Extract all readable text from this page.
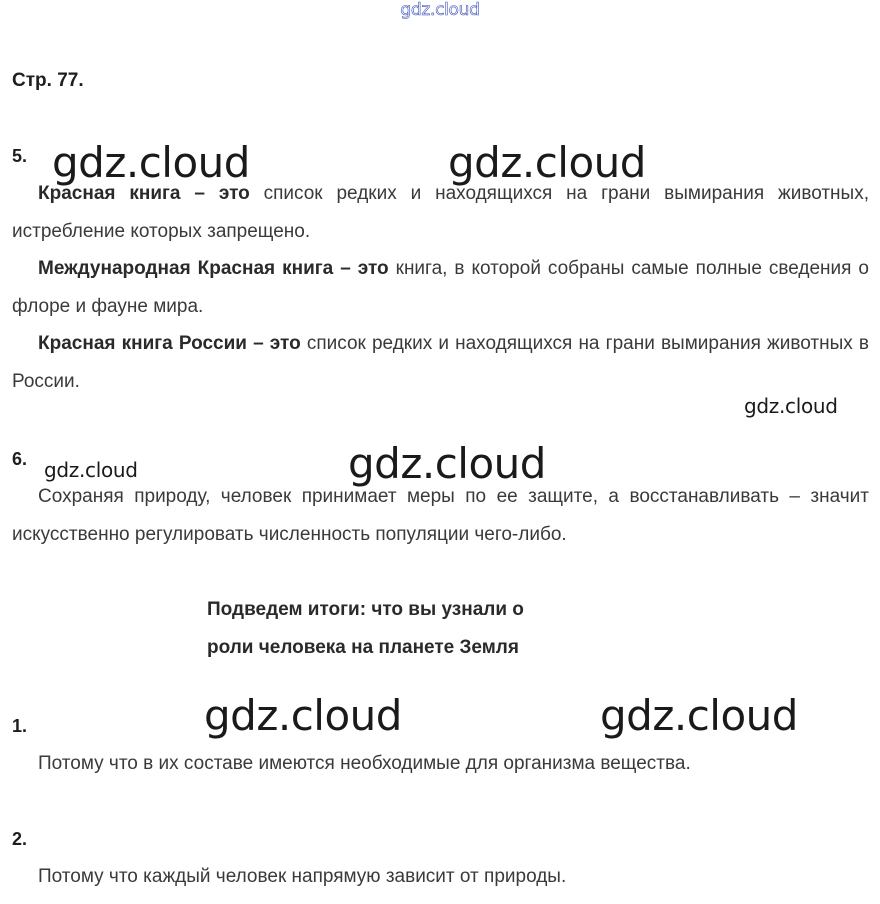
gdz.cloud
Стр. 77.
5. gdz.cloud	gdz.cloud
Красная книга – это список редких и находящихся на грани вымирания животных, истребление которых запрещено.
Международная Красная книга – это книга, в которой собраны самые полные сведения о флоре и фауне мира.
Красная книга России – это список редких и находящихся на грани вымирания животных в России.
gdz.cloud
6. gdz.cloud	gdz.cloud
Сохраняя природу, человек принимает меры по ее защите, а восстанавливать – значит искусственно регулировать численность популяции чего-либо.
Подведем итоги: что вы узнали о
роли человека на планете Земля
1.	gdz.cloud	gdz.cloud
Потому что в их составе имеются необходимые для организма вещества.
2.
Потому что каждый человек напрямую зависит от природы.
